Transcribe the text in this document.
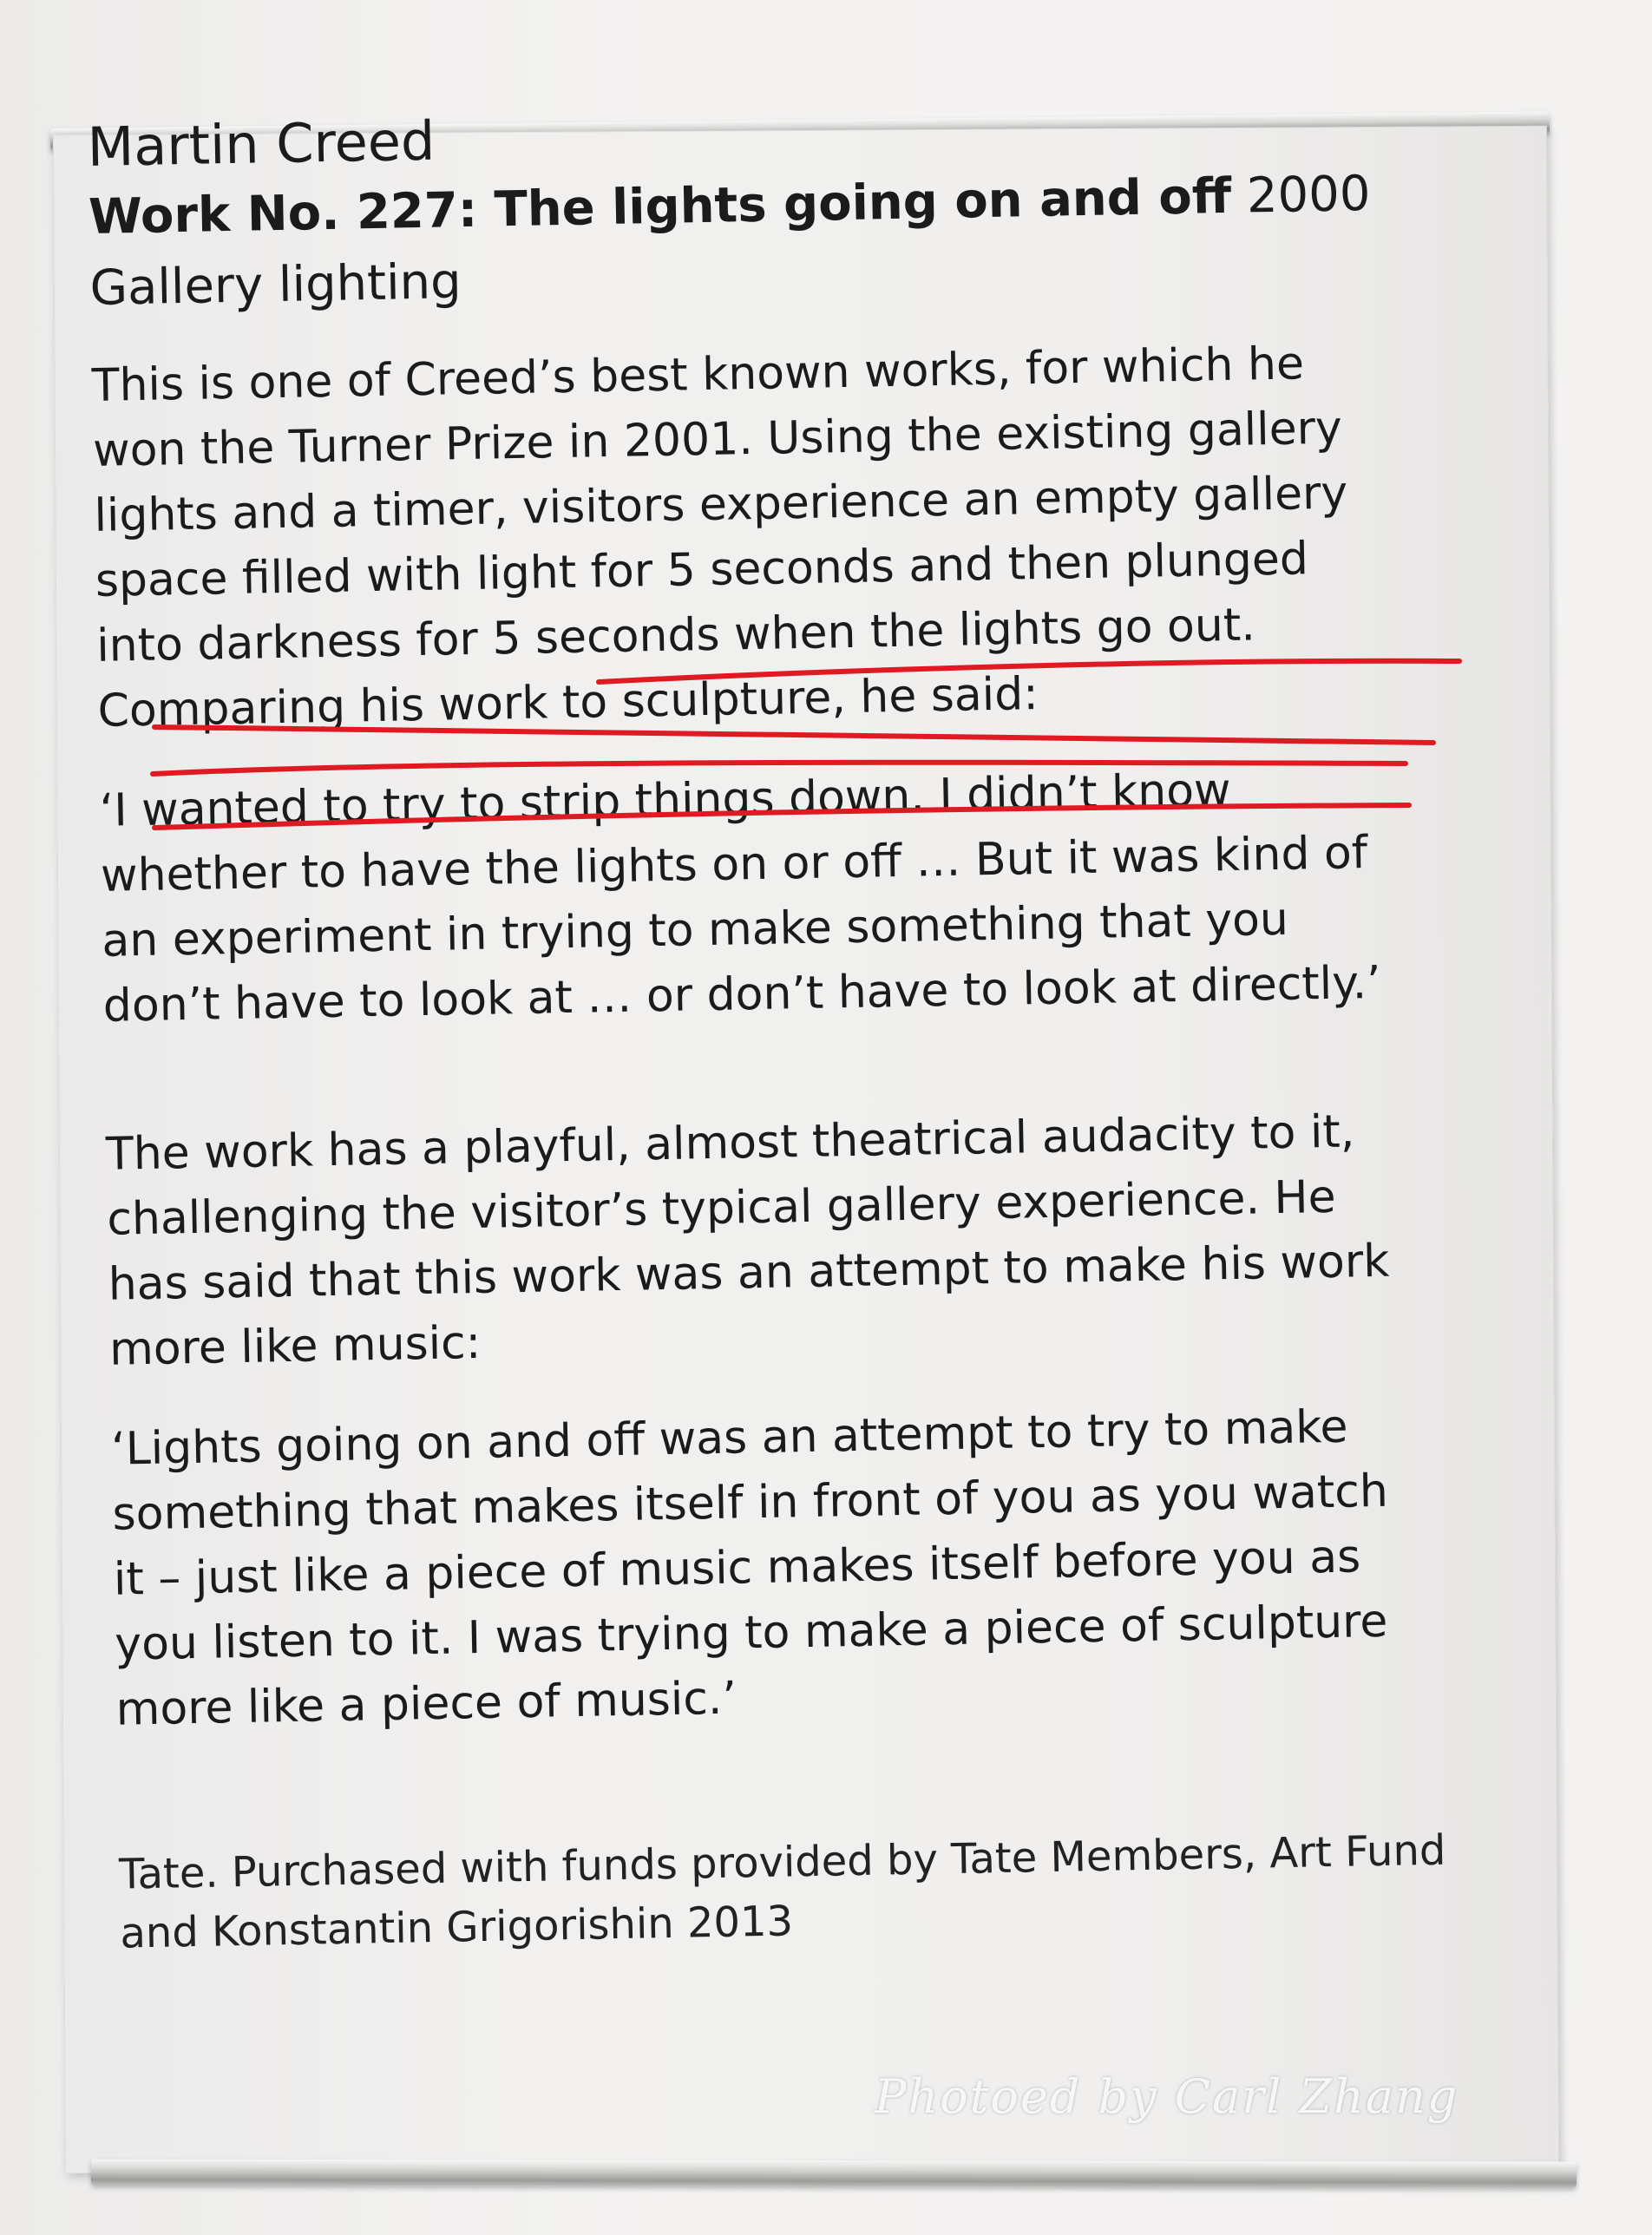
Martin Creed
Work No. 227: The lights going on and off 2000
Gallery lighting
This is one of Creed’s best known works, for which he
won the Turner Prize in 2001. Using the existing gallery
lights and a timer, visitors experience an empty gallery
space filled with light for 5 seconds and then plunged
into darkness for 5 seconds when the lights go out.
Comparing his work to sculpture, he said:
‘I wanted to try to strip things down. I didn’t know
whether to have the lights on or off … But it was kind of
an experiment in trying to make something that you
don’t have to look at … or don’t have to look at directly.’
The work has a playful, almost theatrical audacity to it,
challenging the visitor’s typical gallery experience. He
has said that this work was an attempt to make his work
more like music:
‘Lights going on and off was an attempt to try to make
something that makes itself in front of you as you watch
it – just like a piece of music makes itself before you as
you listen to it. I was trying to make a piece of sculpture
more like a piece of music.’
Tate. Purchased with funds provided by Tate Members, Art Fund
and Konstantin Grigorishin 2013
Photoed by Carl Zhang
